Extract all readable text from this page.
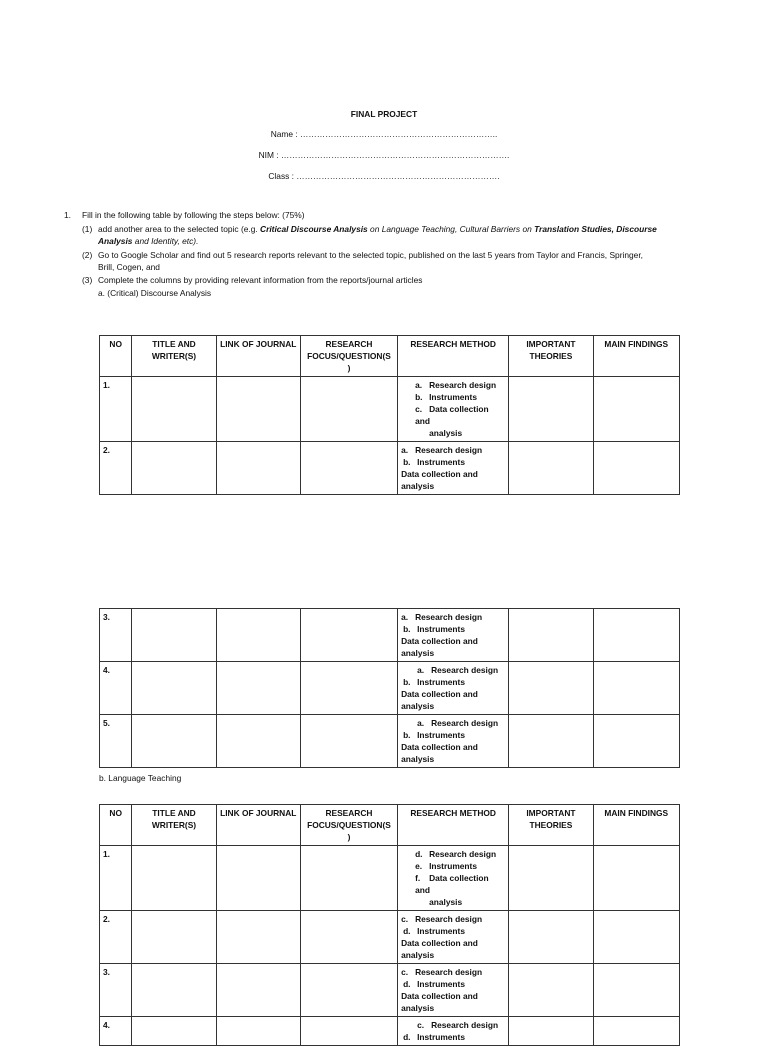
FINAL PROJECT
Name : ……………………………………………………………..
NIM : ……………………………………………………………………….
Class : ……………………………………………………………….
1. Fill in the following table by following the steps below: (75%)
(1) add another area to the selected topic (e.g. Critical Discourse Analysis on Language Teaching, Cultural Barriers on Translation Studies, Discourse
Analysis and Identity, etc).
(2) Go to Google Scholar and find out 5 research reports relevant to the selected topic, published on the last 5 years from Taylor and Francis, Springer,
Brill, Cogen, and
(3) Complete the columns by providing relevant information from the reports/journal articles
a. (Critical) Discourse Analysis
NO	TITLE AND
WRITER(S)	LINK OF JOURNAL	RESEARCH
FOCUS/QUESTION(S
)	RESEARCH METHOD	IMPORTANT
THEORIES	MAIN FINDINGS
1.				a. Research design
b. Instruments
c. Data collection and
analysis		

2.				a. Research design
b. Instruments
Data collection and
analysis		

3.				a. Research design
b. Instruments
Data collection and
analysis		

4.				a. Research design
b. Instruments
Data collection and
analysis		

5.				a. Research design
b. Instruments
Data collection and
analysis		

b. Language Teaching
NO	TITLE AND
WRITER(S)	LINK OF JOURNAL	RESEARCH
FOCUS/QUESTION(S
)	RESEARCH METHOD	IMPORTANT
THEORIES	MAIN FINDINGS
1.				d. Research design
e. Instruments
f. Data collection and
analysis		

2.				c. Research design
d. Instruments
Data collection and
analysis		

3.				c. Research design
d. Instruments
Data collection and
analysis		

4.				c. Research design
d. Instruments		
